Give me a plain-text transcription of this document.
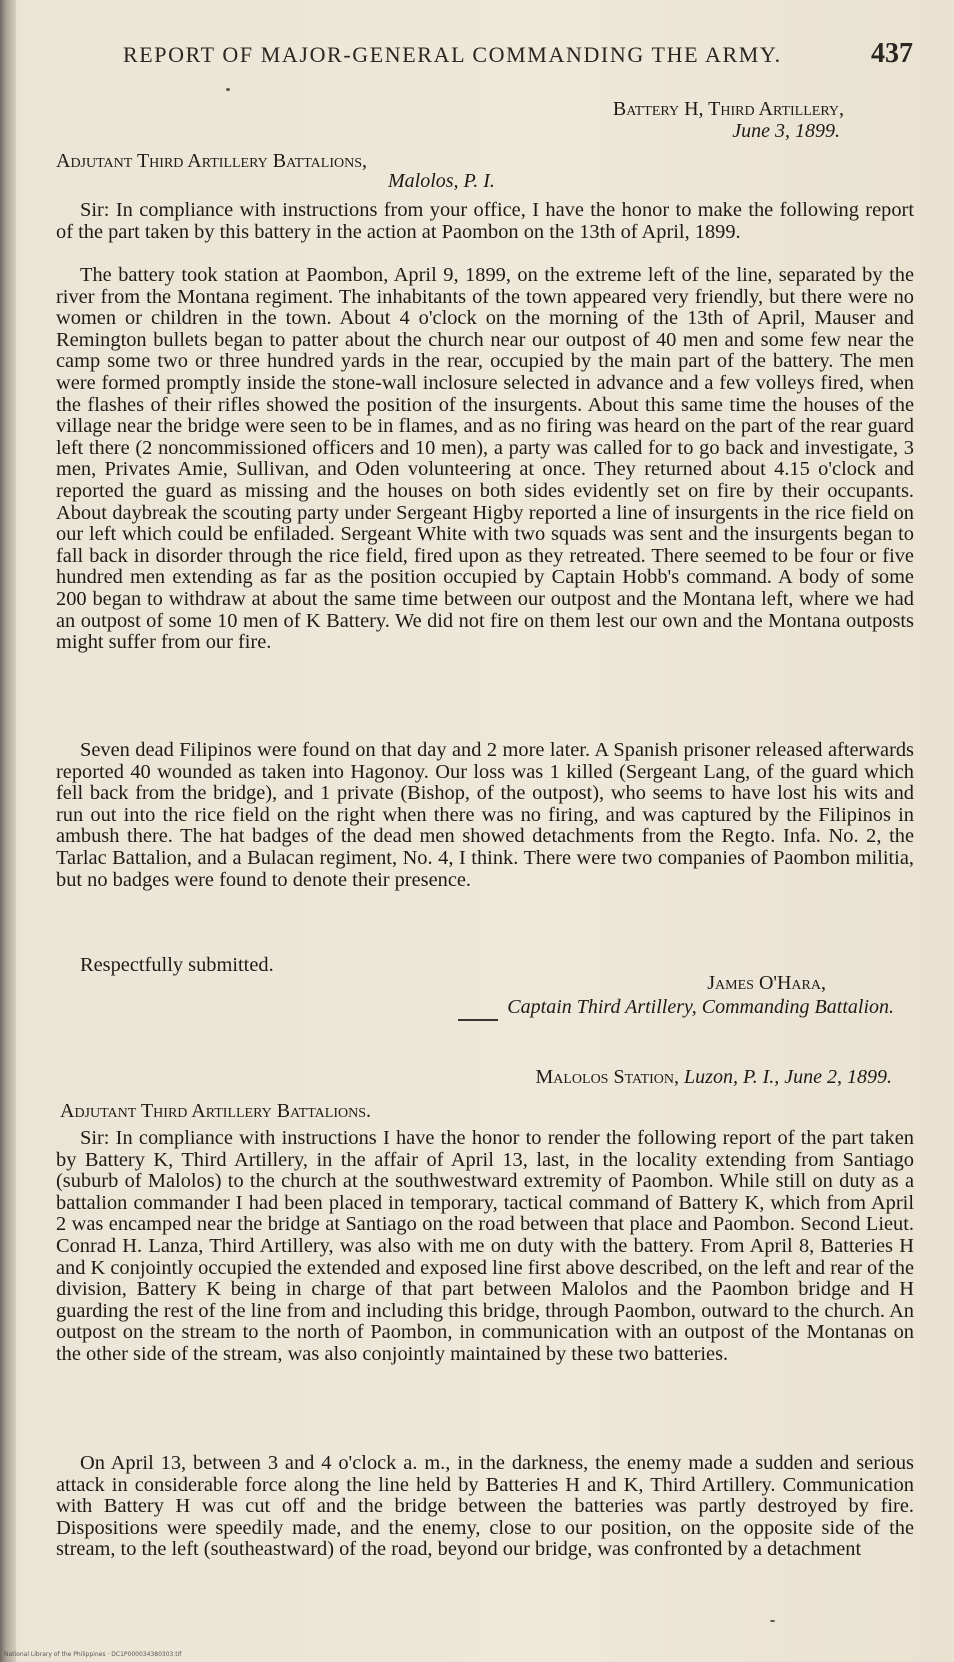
REPORT OF MAJOR-GENERAL COMMANDING THE ARMY.	437
Battery H, Third Artillery,
June 3, 1899.
Adjutant Third Artillery Battalions,
Malolos, P. I.

Sir: In compliance with instructions from your office, I have the honor to make the following report of the part taken by this battery in the action at Paombon on the 13th of April, 1899.

The battery took station at Paombon, April 9, 1899, on the extreme left of the line, separated by the river from the Montana regiment. The inhabitants of the town appeared very friendly, but there were no women or children in the town. About 4 o'clock on the morning of the 13th of April, Mauser and Remington bullets began to patter about the church near our outpost of 40 men and some few near the camp some two or three hundred yards in the rear, occupied by the main part of the battery. The men were formed promptly inside the stone-wall inclosure selected in advance and a few volleys fired, when the flashes of their rifles showed the position of the insurgents. About this same time the houses of the village near the bridge were seen to be in flames, and as no firing was heard on the part of the rear guard left there (2 noncommissioned officers and 10 men), a party was called for to go back and investigate, 3 men, Privates Amie, Sullivan, and Oden volunteering at once. They returned about 4.15 o'clock and reported the guard as missing and the houses on both sides evidently set on fire by their occupants. About daybreak the scouting party under Sergeant Higby reported a line of insurgents in the rice field on our left which could be enfiladed. Sergeant White with two squads was sent and the insurgents began to fall back in disorder through the rice field, fired upon as they retreated. There seemed to be four or five hundred men extending as far as the position occupied by Captain Hobb's command. A body of some 200 began to withdraw at about the same time between our outpost and the Montana left, where we had an outpost of some 10 men of K Battery. We did not fire on them lest our own and the Montana outposts might suffer from our fire.

Seven dead Filipinos were found on that day and 2 more later. A Spanish prisoner released afterwards reported 40 wounded as taken into Hagonoy. Our loss was 1 killed (Sergeant Lang, of the guard which fell back from the bridge), and 1 private (Bishop, of the outpost), who seems to have lost his wits and run out into the rice field on the right when there was no firing, and was captured by the Filipinos in ambush there. The hat badges of the dead men showed detachments from the Regto. Infa. No. 2, the Tarlac Battalion, and a Bulacan regiment, No. 4, I think. There were two companies of Paombon militia, but no badges were found to denote their presence.

Respectfully submitted.

James O'Hara,
Captain Third Artillery, Commanding Battalion.
Malolos Station, Luzon, P. I., June 2, 1899.
Adjutant Third Artillery Battalions.

Sir: In compliance with instructions I have the honor to render the following report of the part taken by Battery K, Third Artillery, in the affair of April 13, last, in the locality extending from Santiago (suburb of Malolos) to the church at the southwestward extremity of Paombon. While still on duty as a battalion commander I had been placed in temporary, tactical command of Battery K, which from April 2 was encamped near the bridge at Santiago on the road between that place and Paombon. Second Lieut. Conrad H. Lanza, Third Artillery, was also with me on duty with the battery. From April 8, Batteries H and K conjointly occupied the extended and exposed line first above described, on the left and rear of the division, Battery K being in charge of that part between Malolos and the Paombon bridge and H guarding the rest of the line from and including this bridge, through Paombon, outward to the church. An outpost on the stream to the north of Paombon, in communication with an outpost of the Montanas on the other side of the stream, was also conjointly maintained by these two batteries.

On April 13, between 3 and 4 o'clock a. m., in the darkness, the enemy made a sudden and serious attack in considerable force along the line held by Batteries H and K, Third Artillery. Communication with Battery H was cut off and the bridge between the batteries was partly destroyed by fire. Dispositions were speedily made, and the enemy, close to our position, on the opposite side of the stream, to the left (southeastward) of the road, beyond our bridge, was confronted by a detachment

National Library of the Philippines · DC1P000034380303.tif
